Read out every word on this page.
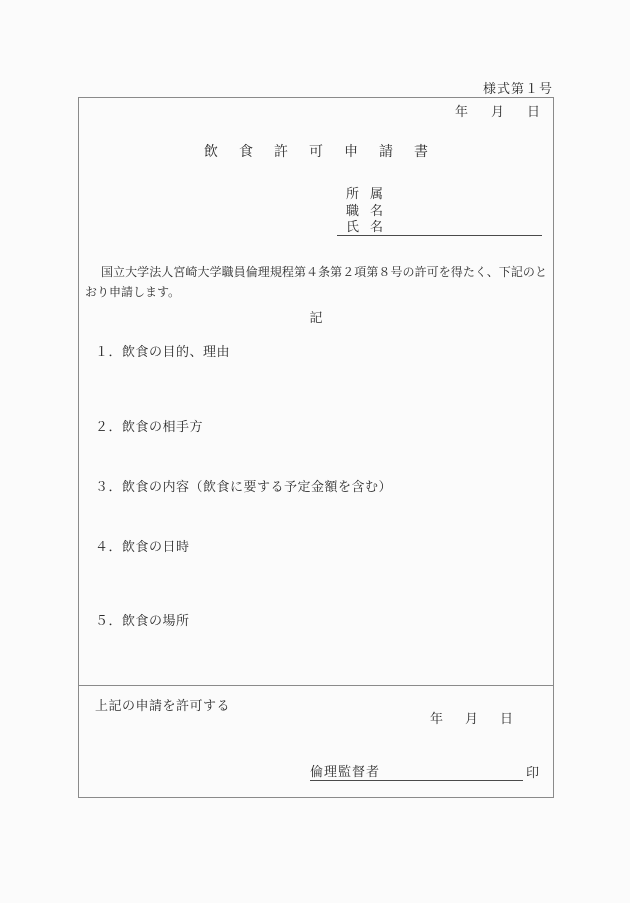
様式第１号
年 月 日
飲食許可申請書
所属
職名
氏名
国立大学法人宮崎大学職員倫理規程第４条第２項第８号の許可を得たく、下記のとおり申請します。
記
１．飲食の目的、理由
２．飲食の相手方
３．飲食の内容（飲食に要する予定金額を含む）
４．飲食の日時
５．飲食の場所
上記の申請を許可する
年 月 日
倫理監督者	印
